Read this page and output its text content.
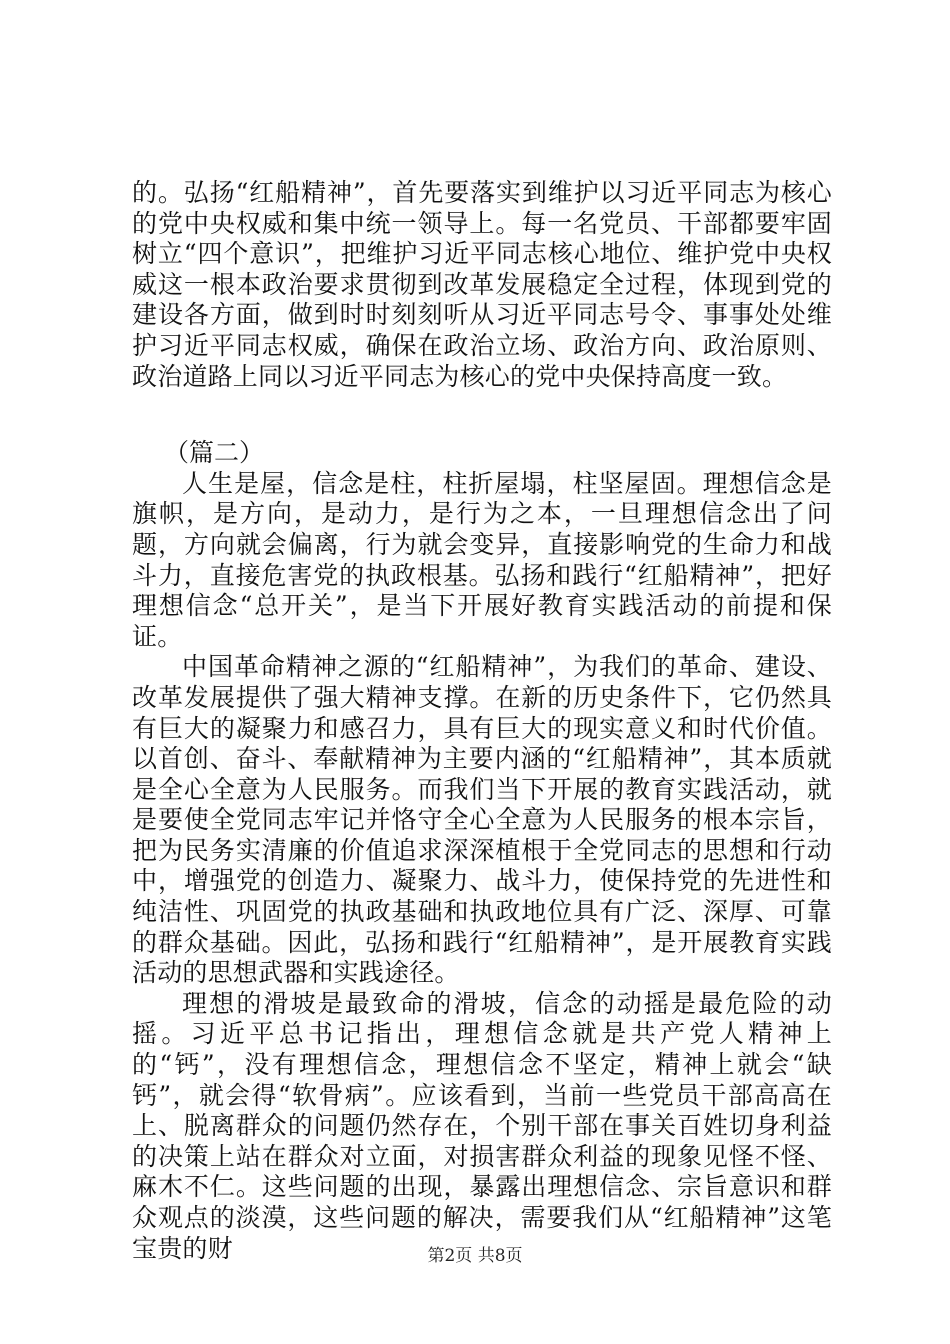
的。弘扬“红船精神”，首先要落实到维护以习近平同志为核心的党中央权威和集中统一领导上。每一名党员、干部都要牢固树立“四个意识”，把维护习近平同志核心地位、维护党中央权威这一根本政治要求贯彻到改革发展稳定全过程，体现到党的建设各方面，做到时时刻刻听从习近平同志号令、事事处处维护习近平同志权威，确保在政治立场、政治方向、政治原则、政治道路上同以习近平同志为核心的党中央保持高度一致。

（篇二）

人生是屋，信念是柱，柱折屋塌，柱坚屋固。理想信念是旗帜，是方向，是动力，是行为之本，一旦理想信念出了问题，方向就会偏离，行为就会变异，直接影响党的生命力和战斗力，直接危害党的执政根基。弘扬和践行“红船精神”，把好理想信念“总开关”，是当下开展好教育实践活动的前提和保证。

中国革命精神之源的“红船精神”，为我们的革命、建设、改革发展提供了强大精神支撑。在新的历史条件下，它仍然具有巨大的凝聚力和感召力，具有巨大的现实意义和时代价值。以首创、奋斗、奉献精神为主要内涵的“红船精神”，其本质就是全心全意为人民服务。而我们当下开展的教育实践活动，就是要使全党同志牢记并恪守全心全意为人民服务的根本宗旨，把为民务实清廉的价值追求深深植根于全党同志的思想和行动中，增强党的创造力、凝聚力、战斗力，使保持党的先进性和纯洁性、巩固党的执政基础和执政地位具有广泛、深厚、可靠的群众基础。因此，弘扬和践行“红船精神”，是开展教育实践活动的思想武器和实践途径。

理想的滑坡是最致命的滑坡，信念的动摇是最危险的动摇。习近平总书记指出，理想信念就是共产党人精神上的“钙”，没有理想信念，理想信念不坚定，精神上就会“缺钙”，就会得“软骨病”。应该看到，当前一些党员干部高高在上、脱离群众的问题仍然存在，个别干部在事关百姓切身利益的决策上站在群众对立面，对损害群众利益的现象见怪不怪、麻木不仁。这些问题的出现，暴露出理想信念、宗旨意识和群众观点的淡漠，这些问题的解决，需要我们从“红船精神”这笔宝贵的财	第2页 共8页
